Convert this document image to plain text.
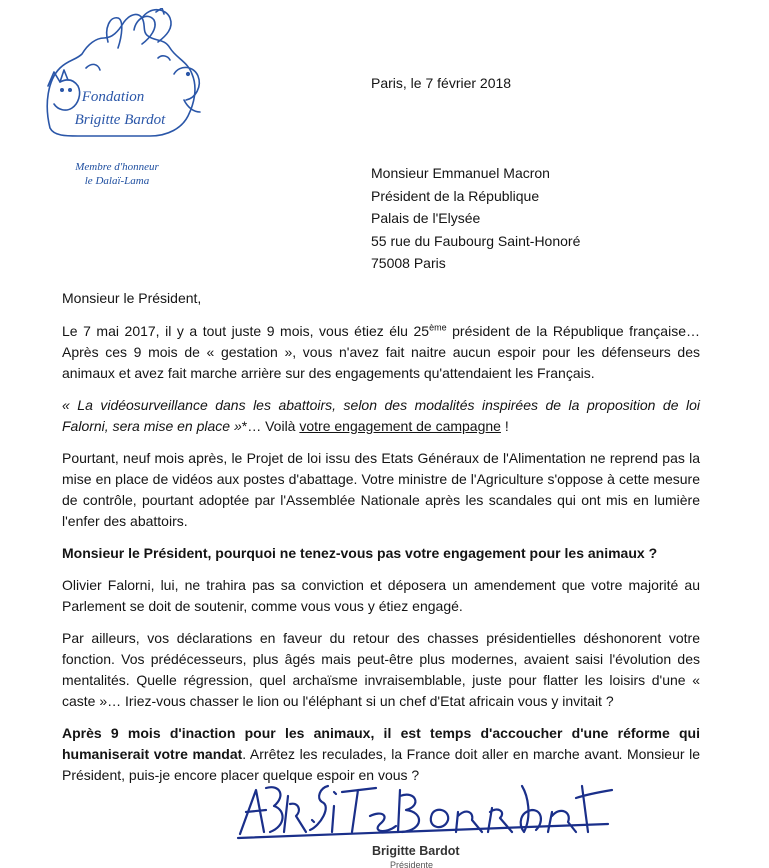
Fondation
Brigitte Bardot
Membre d'honneur
le Dalaï-Lama
Paris, le 7 février 2018
Monsieur Emmanuel Macron
Président de la République
Palais de l'Elysée
55 rue du Faubourg Saint-Honoré
75008 Paris

Monsieur le Président,

Le 7 mai 2017, il y a tout juste 9 mois, vous étiez élu 25ème président de la République française… Après ces 9 mois de « gestation », vous n'avez fait naitre aucun espoir pour les défenseurs des animaux et avez fait marche arrière sur des engagements qu'attendaient les Français.

« La vidéosurveillance dans les abattoirs, selon des modalités inspirées de la proposition de loi Falorni, sera mise en place »*… Voilà votre engagement de campagne !

Pourtant, neuf mois après, le Projet de loi issu des Etats Généraux de l'Alimentation ne reprend pas la mise en place de vidéos aux postes d'abattage. Votre ministre de l'Agriculture s'oppose à cette mesure de contrôle, pourtant adoptée par l'Assemblée Nationale après les scandales qui ont mis en lumière l'enfer des abattoirs.

Monsieur le Président, pourquoi ne tenez-vous pas votre engagement pour les animaux ?

Olivier Falorni, lui, ne trahira pas sa conviction et déposera un amendement que votre majorité au Parlement se doit de soutenir, comme vous vous y étiez engagé.

Par ailleurs, vos déclarations en faveur du retour des chasses présidentielles déshonorent votre fonction. Vos prédécesseurs, plus âgés mais peut-être plus modernes, avaient saisi l'évolution des mentalités. Quelle régression, quel archaïsme invraisemblable, juste pour flatter les loisirs d'une « caste »… Iriez-vous chasser le lion ou l'éléphant si un chef d'Etat africain vous y invitait ?

Après 9 mois d'inaction pour les animaux, il est temps d'accoucher d'une réforme qui humaniserait votre mandat. Arrêtez les reculades, la France doit aller en marche avant. Monsieur le Président, puis-je encore placer quelque espoir en vous ?

Brigitte Bardot
Présidente
